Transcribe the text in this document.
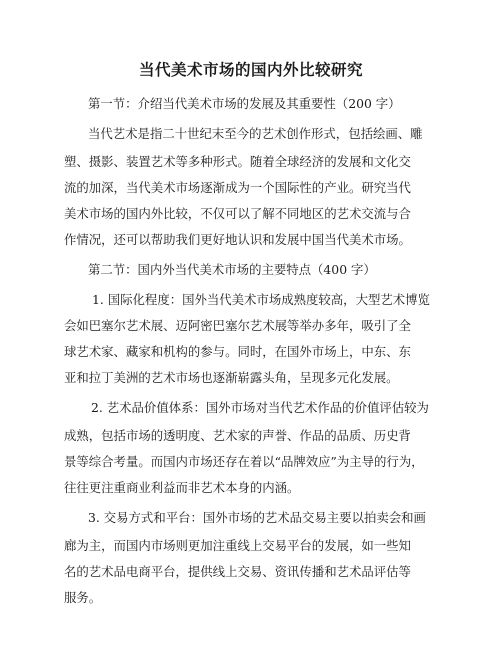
当代美术市场的国内外比较研究
第一节：介绍当代美术市场的发展及其重要性（200 字）
当代艺术是指二十世纪末至今的艺术创作形式，包括绘画、雕
塑、摄影、装置艺术等多种形式。随着全球经济的发展和文化交
流的加深，当代美术市场逐渐成为一个国际性的产业。研究当代
美术市场的国内外比较，不仅可以了解不同地区的艺术交流与合
作情况，还可以帮助我们更好地认识和发展中国当代美术市场。
第二节：国内外当代美术市场的主要特点（400 字）
1. 国际化程度：国外当代美术市场成熟度较高，大型艺术博览
会如巴塞尔艺术展、迈阿密巴塞尔艺术展等举办多年，吸引了全
球艺术家、藏家和机构的参与。同时，在国外市场上，中东、东
亚和拉丁美洲的艺术市场也逐渐崭露头角，呈现多元化发展。
2. 艺术品价值体系：国外市场对当代艺术作品的价值评估较为
成熟，包括市场的透明度、艺术家的声誉、作品的品质、历史背
景等综合考量。而国内市场还存在着以“品牌效应”为主导的行为，
往往更注重商业利益而非艺术本身的内涵。
3. 交易方式和平台：国外市场的艺术品交易主要以拍卖会和画
廊为主，而国内市场则更加注重线上交易平台的发展，如一些知
名的艺术品电商平台，提供线上交易、资讯传播和艺术品评估等
服务。
